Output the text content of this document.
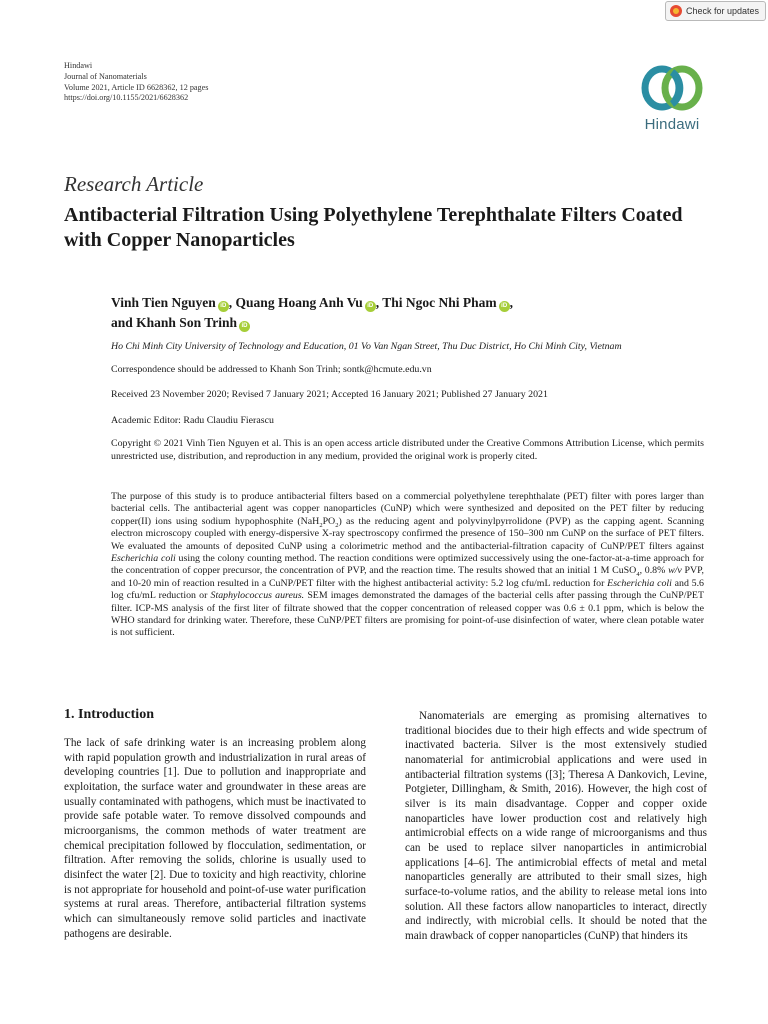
Check for updates
Hindawi
Journal of Nanomaterials
Volume 2021, Article ID 6628362, 12 pages
https://doi.org/10.1155/2021/6628362
Hindawi
Research Article
Antibacterial Filtration Using Polyethylene Terephthalate Filters Coated with Copper Nanoparticles
Vinh Tien Nguyen iD , Quang Hoang Anh Vu iD , Thi Ngoc Nhi Pham iD ,
and Khanh Son Trinh iD
Ho Chi Minh City University of Technology and Education, 01 Vo Van Ngan Street, Thu Duc District, Ho Chi Minh City, Vietnam
Correspondence should be addressed to Khanh Son Trinh; sontk@hcmute.edu.vn
Received 23 November 2020; Revised 7 January 2021; Accepted 16 January 2021; Published 27 January 2021
Academic Editor: Radu Claudiu Fierascu

Copyright © 2021 Vinh Tien Nguyen et al. This is an open access article distributed under the Creative Commons Attribution License, which permits unrestricted use, distribution, and reproduction in any medium, provided the original work is properly cited.

The purpose of this study is to produce antibacterial filters based on a commercial polyethylene terephthalate (PET) filter with pores larger than bacterial cells. The antibacterial agent was copper nanoparticles (CuNP) which were synthesized and deposited on the PET filter by reducing copper(II) ions using sodium hypophosphite $(NaH_2PO_2)$ as the reducing agent and polyvinylpyrrolidone (PVP) as the capping agent. Scanning electron microscopy coupled with energy-dispersive X-ray spectroscopy confirmed the presence of 150–300 nm CuNP on the surface of PET filters. We evaluated the amounts of deposited CuNP using a colorimetric method and the antibacterial-filtration capacity of CuNP/PET filters against Escherichia coli using the colony counting method. The reaction conditions were optimized successively using the one-factor-at-a-time approach for the concentration of copper precursor, the concentration of PVP, and the reaction time. The results showed that an initial 1 M CuSO$_4$, 0.8% w/v PVP, and 10-20 min of reaction resulted in a CuNP/PET filter with the highest antibacterial activity: 5.2 log cfu/mL reduction for Escherichia coli and 5.6 log cfu/mL reduction or Staphylococcus aureus. SEM images demonstrated the damages of the bacterial cells after passing through the CuNP/PET filter. ICP-MS analysis of the first liter of filtrate showed that the copper concentration of released copper was 0.6 ± 0.1 ppm, which is below the WHO standard for drinking water. Therefore, these CuNP/PET filters are promising for point-of-use disinfection of water, where clean potable water is not sufficient.

1. Introduction

The lack of safe drinking water is an increasing problem along with rapid population growth and industrialization in rural areas of developing countries [1]. Due to pollution and inappropriate and exploitation, the surface water and groundwater in these areas are usually contaminated with pathogens, which must be inactivated to provide safe potable water. To remove dissolved compounds and microorganisms, the common methods of water treatment are chemical precipitation followed by flocculation, sedimentation, or filtration. After removing the solids, chlorine is usually used to disinfect the water [2]. Due to toxicity and high reactivity, chlorine is not appropriate for household and point-of-use water purification systems at rural areas. Therefore, antibacterial filtration systems which can simultaneously remove solid particles and inactivate pathogens are desirable.

Nanomaterials are emerging as promising alternatives to traditional biocides due to their high effects and wide spectrum of inactivated bacteria. Silver is the most extensively studied nanomaterial for antimicrobial applications and were used in antibacterial filtration systems ([3]; Theresa A Dankovich, Levine, Potgieter, Dillingham, & Smith, 2016). However, the high cost of silver is its main disadvantage. Copper and copper oxide nanoparticles have lower production cost and relatively high antimicrobial effects on a wide range of microorganisms and thus can be used to replace silver nanoparticles in antimicrobial applications [4–6]. The antimicrobial effects of metal and metal nanoparticles generally are attributed to their small sizes, high surface-to-volume ratios, and the ability to release metal ions into solution. All these factors allow nanoparticles to interact, directly and indirectly, with microbial cells. It should be noted that the main drawback of copper nanoparticles (CuNP) that hinders its
